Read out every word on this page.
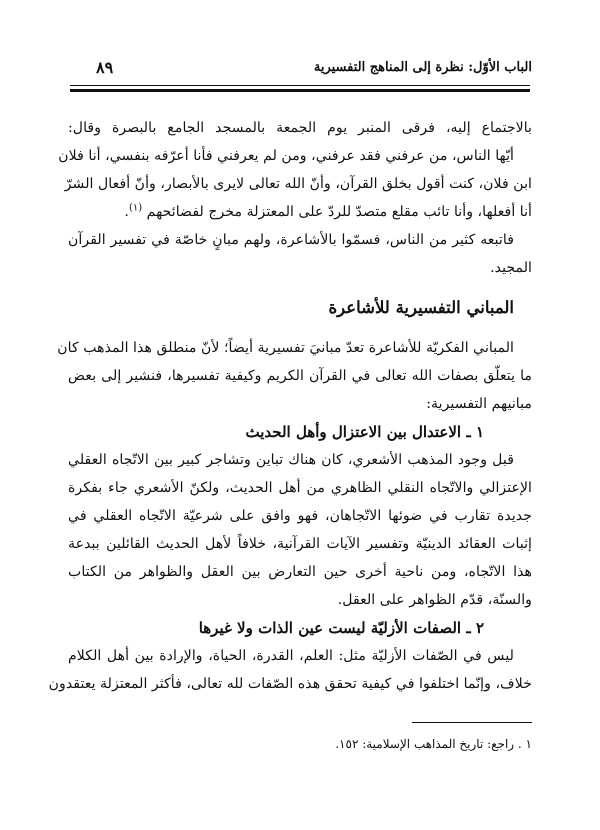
الباب الأوّل: نظرة إلى المناهج التفسيرية
٨٩
بالاجتماع إليه، فرقى المنبر يوم الجمعة بالمسجد الجامع بالبصرة وقال:
أيّها الناس، من عرفني فقد عرفني، ومن لم يعرفني فأنا أعرّفه بنفسي، أنا فلان
ابن فلان، كنت أقول بخلق القرآن، وأنّ الله تعالى لايرى بالأبصار، وأنّ أفعال الشرّ
أنا أفعلها، وأنا تائب مقلع متصدّ للردّ على المعتزلة مخرج لفضائحهم $^{(١)}$.
فاتبعه كثير من الناس، فسمّوا بالأشاعرة، ولهم مبانٍ خاصّة في تفسير القرآن
المجيد.
المباني التفسيرية للأشاعرة
المباني الفكريّة للأشاعرة تعدّ مبانيَ تفسيرية أيضاً؛ لأنّ منطلق هذا المذهب كان
ما يتعلّق بصفات الله تعالى في القرآن الكريم وكيفية تفسيرها، فنشير إلى بعض
مبانيهم التفسيرية:
١ ـ الاعتدال بين الاعتزال وأهل الحديث
قبل وجود المذهب الأشعري، كان هناك تباين وتشاجر كبير بين الاتّجاه العقلي
الإعتزالي والاتّجاه النقلي الظاهري من أهل الحديث، ولكنّ الأشعري جاء بفكرة
جديدة تقارب في ضوئها الاتّجاهان، فهو وافق على شرعيّة الاتّجاه العقلي في
إثبات العقائد الدينيّة وتفسير الآيات القرآنية، خلافاً لأهل الحديث القائلين ببدعة
هذا الاتّجاه، ومن ناحية أخرى حين التعارض بين العقل والظواهر من الكتاب
والسنّة، قدّم الظواهر على العقل.
٢ ـ الصفات الأزليّة ليست عين الذات ولا غيرها
ليس في الصّفات الأزليّة مثل: العلم، القدرة، الحياة، والإرادة بين أهل الكلام
خلاف، وإنّما اختلفوا في كيفية تحقق هذه الصّفات لله تعالى، فأكثر المعتزلة يعتقدون
١ . راجع: تاريخ المذاهب الإسلامية: ١٥٢.
